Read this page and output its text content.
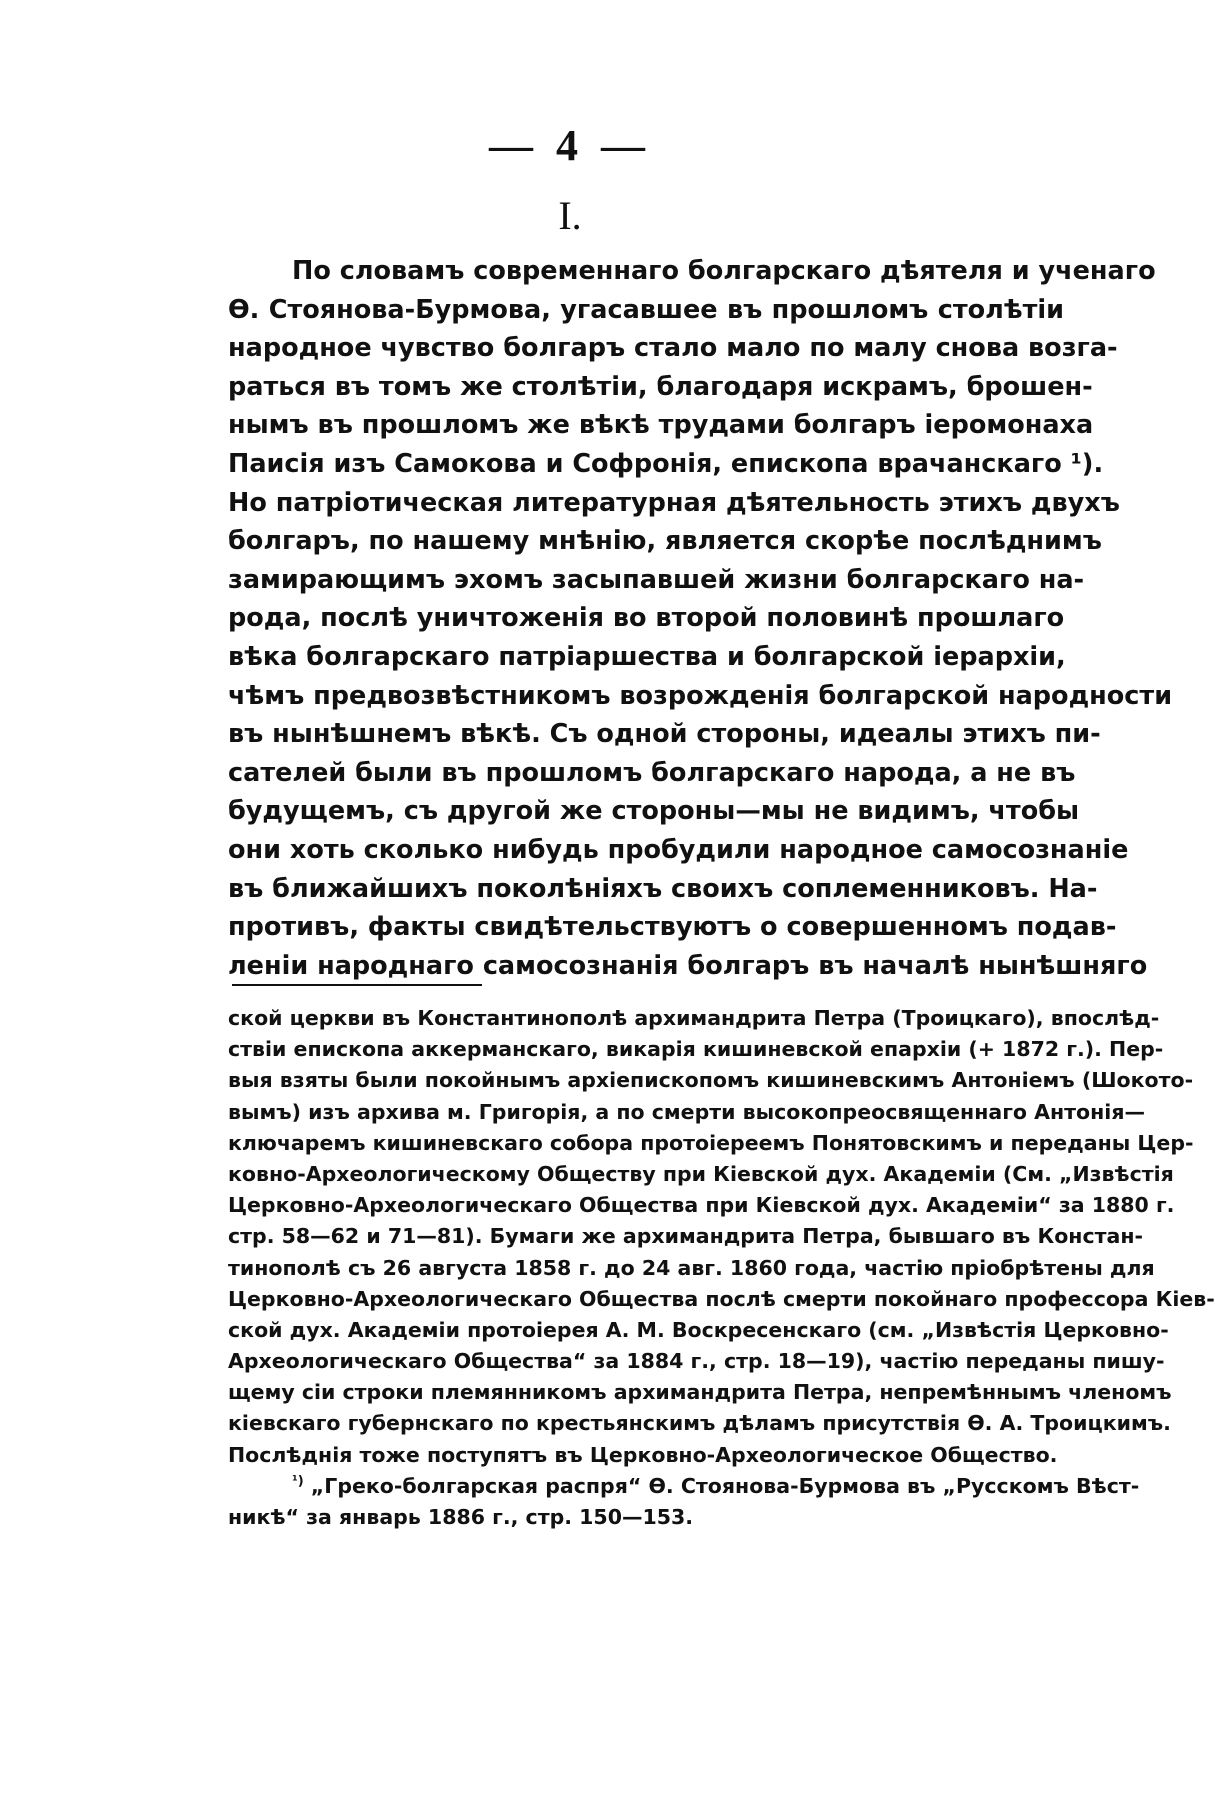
— 4 —
I.
По словамъ современнаго болгарскаго дѣятеля и ученаго
Ѳ. Стоянова-Бурмова, угасавшее въ прошломъ столѣтіи
народное чувство болгаръ стало мало по малу снова возга-
раться въ томъ же столѣтіи, благодаря искрамъ, брошен-
нымъ въ прошломъ же вѣкѣ трудами болгаръ іеромонаха
Паисія изъ Самокова и Софронія, епископа врачанскаго ¹).
Но патріотическая литературная дѣятельность этихъ двухъ
болгаръ, по нашему мнѣнію, является скорѣе послѣднимъ
замирающимъ эхомъ засыпавшей жизни болгарскаго на-
рода, послѣ уничтоженія во второй половинѣ прошлаго
вѣка болгарскаго патріаршества и болгарской іерархіи,
чѣмъ предвозвѣстникомъ возрожденія болгарской народности
въ нынѣшнемъ вѣкѣ. Съ одной стороны, идеалы этихъ пи-
сателей были въ прошломъ болгарскаго народа, а не въ
будущемъ, съ другой же стороны—мы не видимъ, чтобы
они хоть сколько нибудь пробудили народное самосознаніе
въ ближайшихъ поколѣніяхъ своихъ соплеменниковъ. На-
противъ, факты свидѣтельствуютъ о совершенномъ подав-
леніи народнаго самосознанія болгаръ въ началѣ нынѣшняго
ской церкви въ Константинополѣ архимандрита Петра (Троицкаго), впослѣд-
ствіи епископа аккерманскаго, викарія кишиневской епархіи (+ 1872 г.). Пер-
выя взяты были покойнымъ архіепископомъ кишиневскимъ Антоніемъ (Шокото-
вымъ) изъ архива м. Григорія, а по смерти высокопреосвященнаго Антонія—
ключаремъ кишиневскаго собора протоіереемъ Понятовскимъ и переданы Цер-
ковно-Археологическому Обществу при Кіевской дух. Академіи (См. „Извѣстія
Церковно-Археологическаго Общества при Кіевской дух. Академіи“ за 1880 г.
стр. 58—62 и 71—81). Бумаги же архимандрита Петра, бывшаго въ Констан-
тинополѣ съ 26 августа 1858 г. до 24 авг. 1860 года, частію пріобрѣтены для
Церковно-Археологическаго Общества послѣ смерти покойнаго профессора Кіев-
ской дух. Академіи протоіерея А. М. Воскресенскаго (см. „Извѣстія Церковно-
Археологическаго Общества“ за 1884 г., стр. 18—19), частію переданы пишу-
щему сіи строки племянникомъ архимандрита Петра, непремѣннымъ членомъ
кіевскаго губернскаго по крестьянскимъ дѣламъ присутствія Ѳ. А. Троицкимъ.
Послѣднія тоже поступятъ въ Церковно-Археологическое Общество.
$^{^1)}$ „Греко-болгарская распря“ Ѳ. Стоянова-Бурмова въ „Русскомъ Вѣст-
никѣ“ за январь 1886 г., стр. 150—153.
